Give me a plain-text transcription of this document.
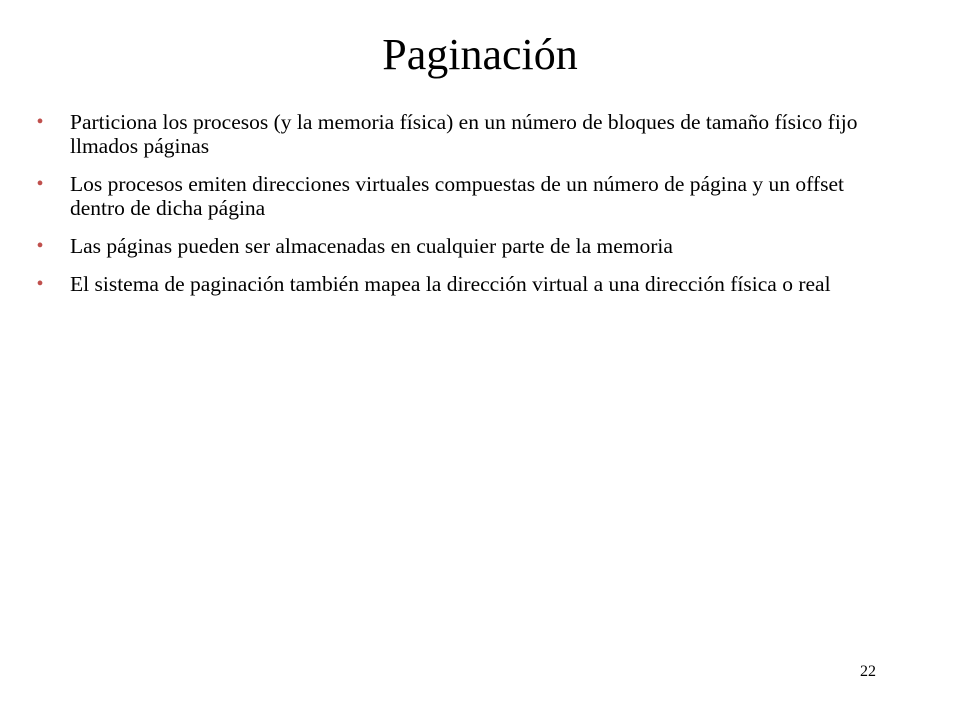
Paginación
•	Particiona los procesos (y la memoria física) en un número de bloques de tamaño físico fijo llmados páginas
•	Los procesos emiten direcciones virtuales compuestas de un número de página y un offset dentro de dicha página
•	Las páginas pueden ser almacenadas en cualquier parte de la memoria
•	El sistema de paginación también mapea la dirección virtual a una dirección física o real
22
